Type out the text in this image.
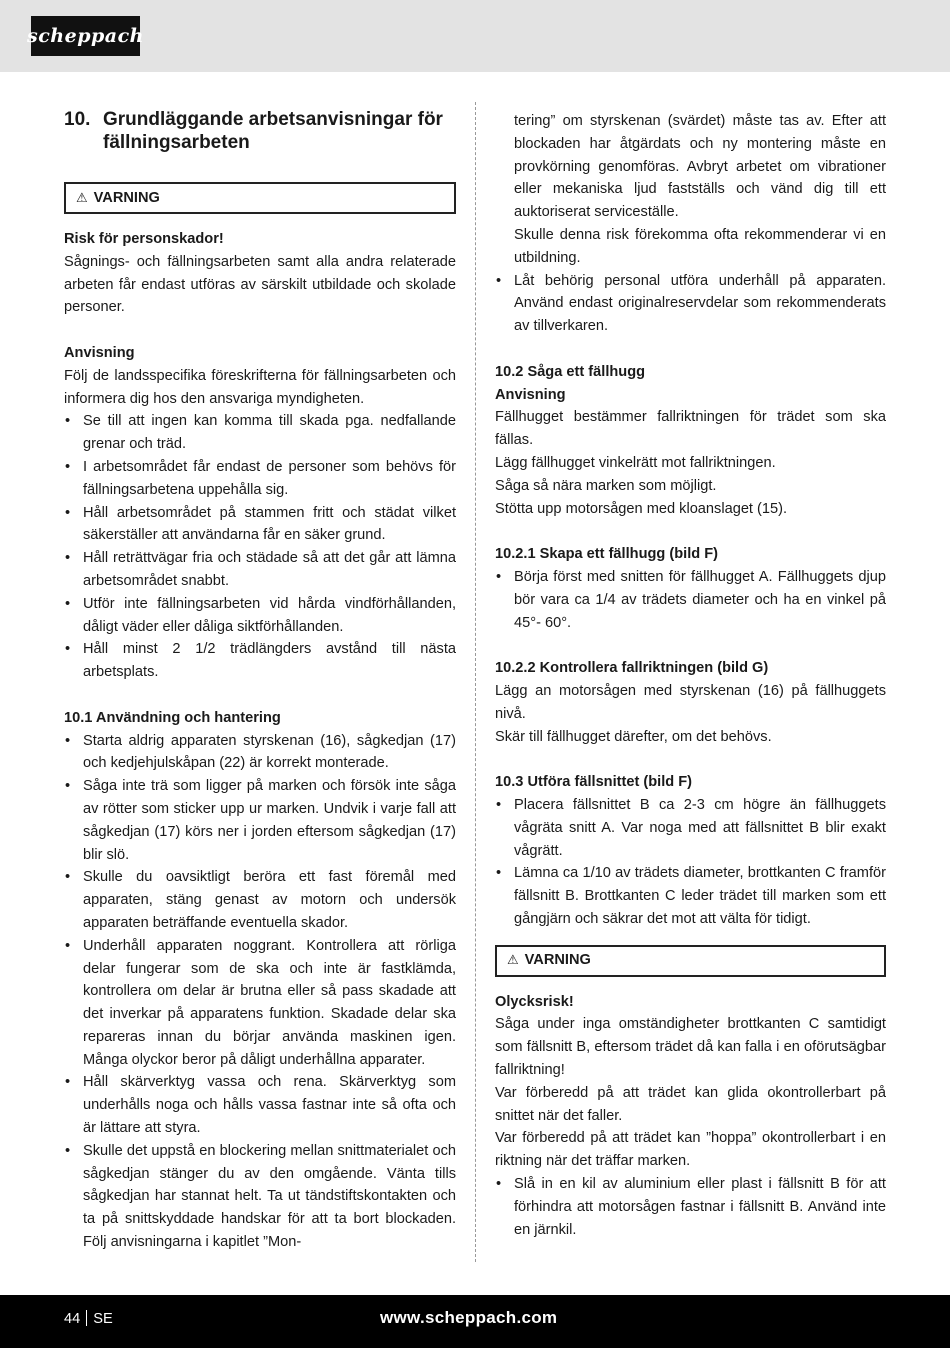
scheppach
10. Grundläggande arbetsanvisningar för fällningsarbeten
⚠ VARNING

Risk för personskador!

Sågnings- och fällningsarbeten samt alla andra relaterade arbeten får endast utföras av särskilt utbildade och skolade personer.

Anvisning

Följ de landsspecifika föreskrifterna för fällningsarbeten och informera dig hos den ansvariga myndigheten.

• Se till att ingen kan komma till skada pga. nedfallande grenar och träd.
• I arbetsområdet får endast de personer som behövs för fällningsarbetena uppehålla sig.
• Håll arbetsområdet på stammen fritt och städat vilket säkerställer att användarna får en säker grund.
• Håll reträttvägar fria och städade så att det går att lämna arbetsområdet snabbt.
• Utför inte fällningsarbeten vid hårda vindförhållanden, dåligt väder eller dåliga siktförhållanden.
• Håll minst 2 1/2 trädlängders avstånd till nästa arbetsplats.

10.1 Användning och hantering

• Starta aldrig apparaten styrskenan (16), sågkedjan (17) och kedjehjulskåpan (22) är korrekt monterade.
• Såga inte trä som ligger på marken och försök inte såga av rötter som sticker upp ur marken. Undvik i varje fall att sågkedjan (17) körs ner i jorden eftersom sågkedjan (17) blir slö.
• Skulle du oavsiktligt beröra ett fast föremål med apparaten, stäng genast av motorn och undersök apparaten beträffande eventuella skador.
• Underhåll apparaten noggrant. Kontrollera att rörliga delar fungerar som de ska och inte är fastklämda, kontrollera om delar är brutna eller så pass skadade att det inverkar på apparatens funktion. Skadade delar ska repareras innan du börjar använda maskinen igen. Många olyckor beror på dåligt underhållna apparater.
• Håll skärverktyg vassa och rena. Skärverktyg som underhålls noga och hålls vassa fastnar inte så ofta och är lättare att styra.
• Skulle det uppstå en blockering mellan snittmaterialet och sågkedjan stänger du av den omgående. Vänta tills sågkedjan har stannat helt. Ta ut tändstiftskontakten och ta på snittskyddade handskar för att ta bort blockaden. Följ anvisningarna i kapitlet ”Mon-

tering” om styrskenan (svärdet) måste tas av. Efter att blockaden har åtgärdats och ny montering måste en provkörning genomföras. Avbryt arbetet om vibrationer eller mekaniska ljud fastställs och vänd dig till ett auktoriserat serviceställe.

Skulle denna risk förekomma ofta rekommenderar vi en utbildning.

• Låt behörig personal utföra underhåll på apparaten. Använd endast originalreservdelar som rekommenderats av tillverkaren.

10.2 Såga ett fällhugg

Anvisning

Fällhugget bestämmer fallriktningen för trädet som ska fällas.

Lägg fällhugget vinkelrätt mot fallriktningen.

Såga så nära marken som möjligt.

Stötta upp motorsågen med kloanslaget (15).

10.2.1 Skapa ett fällhugg (bild F)

• Börja först med snitten för fällhugget A. Fällhuggets djup bör vara ca 1/4 av trädets diameter och ha en vinkel på 45°- 60°.

10.2.2 Kontrollera fallriktningen (bild G)

Lägg an motorsågen med styrskenan (16) på fällhuggets nivå.

Skär till fällhugget därefter, om det behövs.

10.3 Utföra fällsnittet (bild F)

• Placera fällsnittet B ca 2-3 cm högre än fällhuggets vågräta snitt A. Var noga med att fällsnittet B blir exakt vågrätt.
• Lämna ca 1/10 av trädets diameter, brottkanten C framför fällsnitt B. Brottkanten C leder trädet till marken som ett gångjärn och säkrar det mot att välta för tidigt.
⚠ VARNING

Olycksrisk!

Såga under inga omständigheter brottkanten C samtidigt som fällsnitt B, eftersom trädet då kan falla i en oförutsägbar fallriktning!

Var förberedd på att trädet kan glida okontrollerbart på snittet när det faller.

Var förberedd på att trädet kan ”hoppa” okontrollerbart i en riktning när det träffar marken.

• Slå in en kil av aluminium eller plast i fällsnitt B för att förhindra att motorsågen fastnar i fällsnitt B. Använd inte en järnkil.
44 SE	www.scheppach.com
